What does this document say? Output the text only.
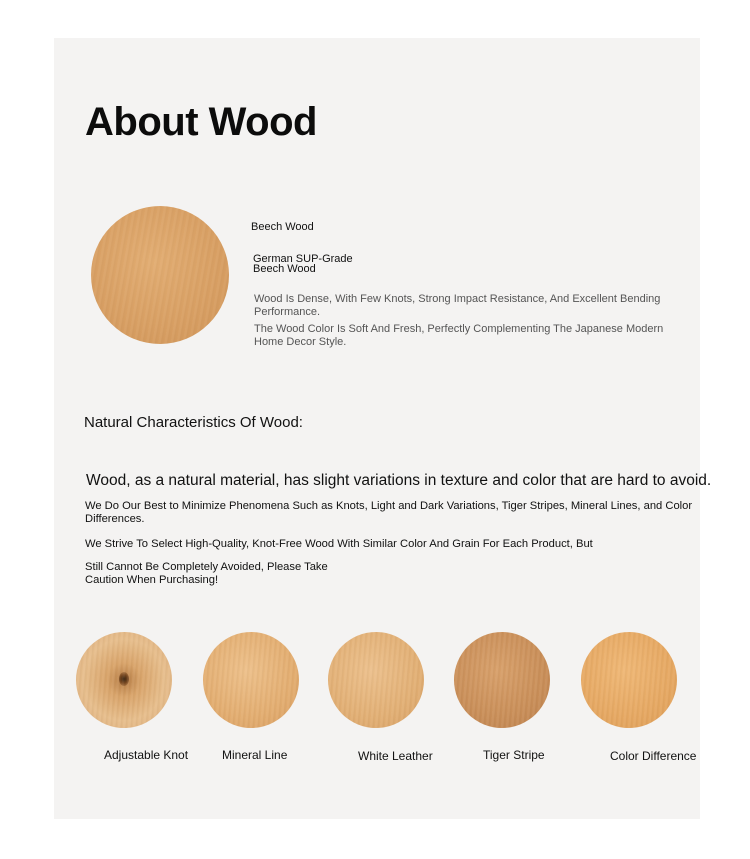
About Wood
Beech Wood
German SUP-Grade
Beech Wood
Wood Is Dense, With Few Knots, Strong Impact Resistance, And Excellent Bending Performance.
The Wood Color Is Soft And Fresh, Perfectly Complementing The Japanese Modern Home Decor Style.
Natural Characteristics Of Wood:
Wood, as a natural material, has slight variations in texture and color that are hard to avoid.
We Do Our Best to Minimize Phenomena Such as Knots, Light and Dark Variations, Tiger Stripes, Mineral Lines, and Color Differences.
We Strive To Select High-Quality, Knot-Free Wood With Similar Color And Grain For Each Product, But
Still Cannot Be Completely Avoided, Please Take Caution When Purchasing!
Adjustable Knot	Mineral Line	White Leather	Tiger Stripe	Color Difference
